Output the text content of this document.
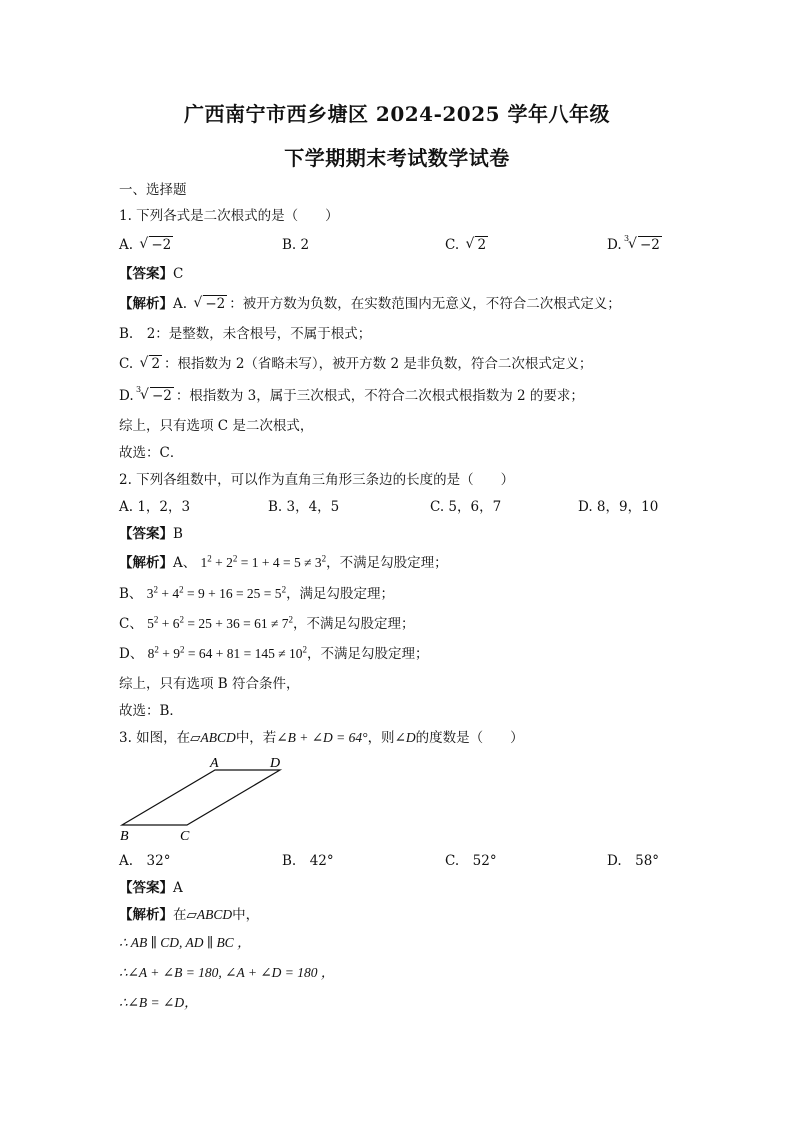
广西南宁市西乡塘区 2024-2025 学年八年级
下学期期末考试数学试卷
一、选择题
1. 下列各式是二次根式的是（　　）
A. √ −2	B. 2	C. √ 2	D. 3
√ −2
【答案】C
【解析】A. √ −2 ：被开方数为负数，在实数范围内无意义，不符合二次根式定义；
B.　2：是整数，未含根号，不属于根式；
C. √ 2 ：根指数为 2（省略未写），被开方数 2 是非负数，符合二次根式定义；
D. 3
√ −2 ：根指数为 3，属于三次根式，不符合二次根式根指数为 2 的要求；
综上，只有选项 C 是二次根式，
故选：C．
2. 下列各组数中，可以作为直角三角形三条边的长度的是（　　）
A. 1，2，3	B. 3，4，5	C. 5，6，7	D. 8，9，10
【答案】B
【解析】A、 $1^2 + 2^2 = 1 + 4 = 5 \ne 3^2$，不满足勾股定理；
B、 $3^2 + 4^2 = 9 + 16 = 25 = 5^2$，满足勾股定理；
C、 $5^2 + 6^2 = 25 + 36 = 61 \ne 7^2$，不满足勾股定理；
D、 $8^2 + 9^2 = 64 + 81 = 145 \ne 10^2$，不满足勾股定理；
综上，只有选项 B 符合条件，
故选：B．
3. 如图，在▱ABCD中，若∠B + ∠D = 64°，则∠D的度数是（　　）
A	D
B	C
A.　32°	B.　42°	C.　52°	D.　58°
【答案】A
【解析】在▱ABCD中，
∴ AB ∥ CD, AD ∥ BC ，
∴∠A + ∠B = 180, ∠A + ∠D = 180 ，
∴∠B = ∠D，
